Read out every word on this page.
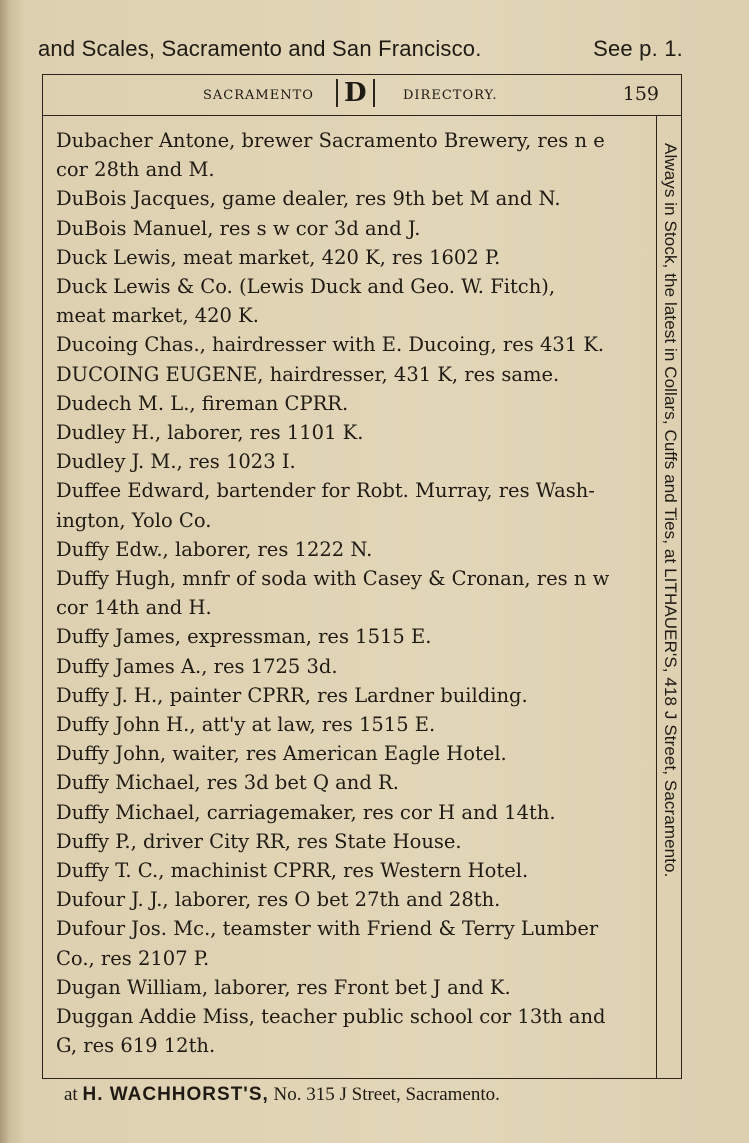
and Scales, Sacramento and San Francisco.	See p. 1.
SACRAMENTO	D	DIRECTORY.	159
Always in Stock, the latest in Collars, Cuffs and Ties, at LITHAUER'S, 418 J Street, Sacramento.
Dubacher Antone, brewer Sacramento Brewery, res n e
cor 28th and M.
DuBois Jacques, game dealer, res 9th bet M and N.
DuBois Manuel, res s w cor 3d and J.
Duck Lewis, meat market, 420 K, res 1602 P.
Duck Lewis & Co. (Lewis Duck and Geo. W. Fitch),
meat market, 420 K.
Ducoing Chas., hairdresser with E. Ducoing, res 431 K.
DUCOING EUGENE, hairdresser, 431 K, res same.
Dudech M. L., fireman CPRR.
Dudley H., laborer, res 1101 K.
Dudley J. M., res 1023 I.
Duffee Edward, bartender for Robt. Murray, res Wash-
ington, Yolo Co.
Duffy Edw., laborer, res 1222 N.
Duffy Hugh, mnfr of soda with Casey & Cronan, res n w
cor 14th and H.
Duffy James, expressman, res 1515 E.
Duffy James A., res 1725 3d.
Duffy J. H., painter CPRR, res Lardner building.
Duffy John H., att'y at law, res 1515 E.
Duffy John, waiter, res American Eagle Hotel.
Duffy Michael, res 3d bet Q and R.
Duffy Michael, carriagemaker, res cor H and 14th.
Duffy P., driver City RR, res State House.
Duffy T. C., machinist CPRR, res Western Hotel.
Dufour J. J., laborer, res O bet 27th and 28th.
Dufour Jos. Mc., teamster with Friend & Terry Lumber
Co., res 2107 P.
Dugan William, laborer, res Front bet J and K.
Duggan Addie Miss, teacher public school cor 13th and
G, res 619 12th.
at H. WACHHORST'S, No. 315 J Street, Sacramento.
